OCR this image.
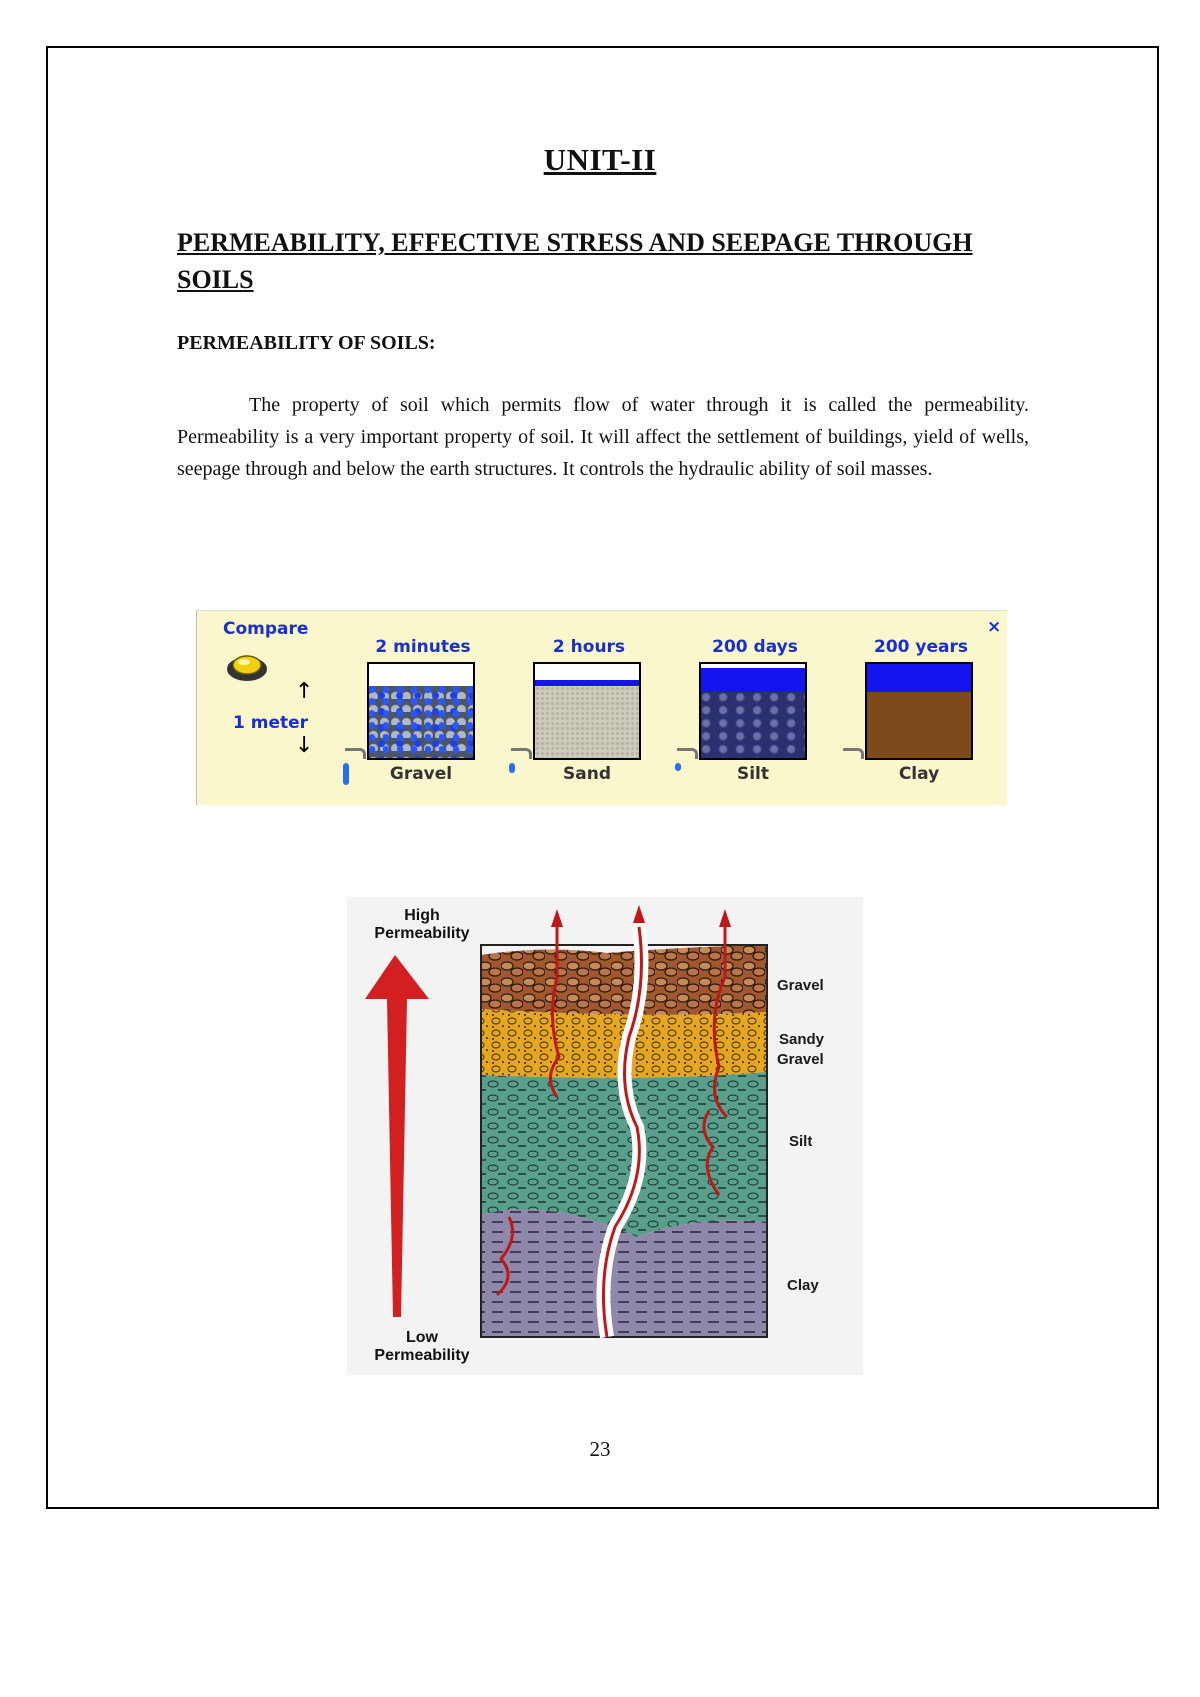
UNIT-II
PERMEABILITY, EFFECTIVE STRESS AND SEEPAGE THROUGH SOILS
PERMEABILITY OF SOILS:

The property of soil which permits flow of water through it is called the permeability. Permeability is a very important property of soil. It will affect the settlement of buildings, yield of wells, seepage through and below the earth structures. It controls the hydraulic ability of soil masses.

Compare	×
↑
1 meter
↓
2 minutes
Gravel
2 hours
Sand
200 days
Silt
200 years
Clay
High
Permeability
Low
Permeability
Gravel
Sandy
Gravel
Silt
Clay
23
